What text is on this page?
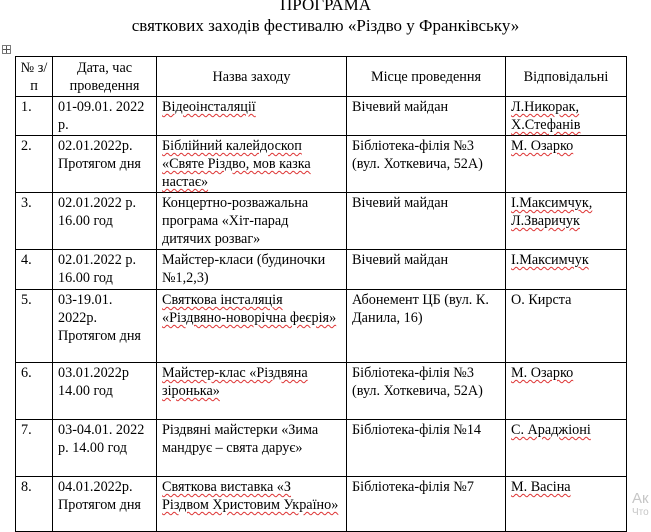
ПРОГРАМА
святкових заходів фестивалю «Різдво у Франківську»
№ з/п	Дата, час проведення	Назва заходу	Місце проведення	Відповідальні
1.	01-09.01. 2022 р.	Відеоінсталяції	Вічевий майдан	Л.Никорак, Х.Стефанів
2.	02.01.2022р. Протягом дня	Біблійний калейдоскоп «Святе Різдво, мов казка настає»	Бібліотека-філія №3 (вул. Хоткевича, 52А)	М. Озарко
3.	02.01.2022 р. 16.00 год	Концертно-розважальна програма «Хіт-парад дитячих розваг»	Вічевий майдан	І.Максимчук, Л.Зваричук
4.	02.01.2022 р. 16.00 год	Майстер-класи (будиночки №1,2,3)	Вічевий майдан	І.Максимчук
5.	03-19.01. 2022р. Протягом дня	Святкова інсталяція «Різдвяно-новорічна феєрія»	Абонемент ЦБ (вул. К. Данила, 16)	О. Кирста
6.	03.01.2022р 14.00 год	Майстер-клас «Різдвяна зіронька»	Бібліотека-філія №3 (вул. Хоткевича, 52А)	М. Озарко
7.	03-04.01. 2022 р. 14.00 год	Різдвяні майстерки «Зима мандрує – свята дарує»	Бібліотека-філія №14	С. Араджіоні
8.	04.01.2022р. Протягом дня	Святкова виставка «З Різдвом Христовим Україно»	Бібліотека-філія №7	М. Васіна
Ак
Что
